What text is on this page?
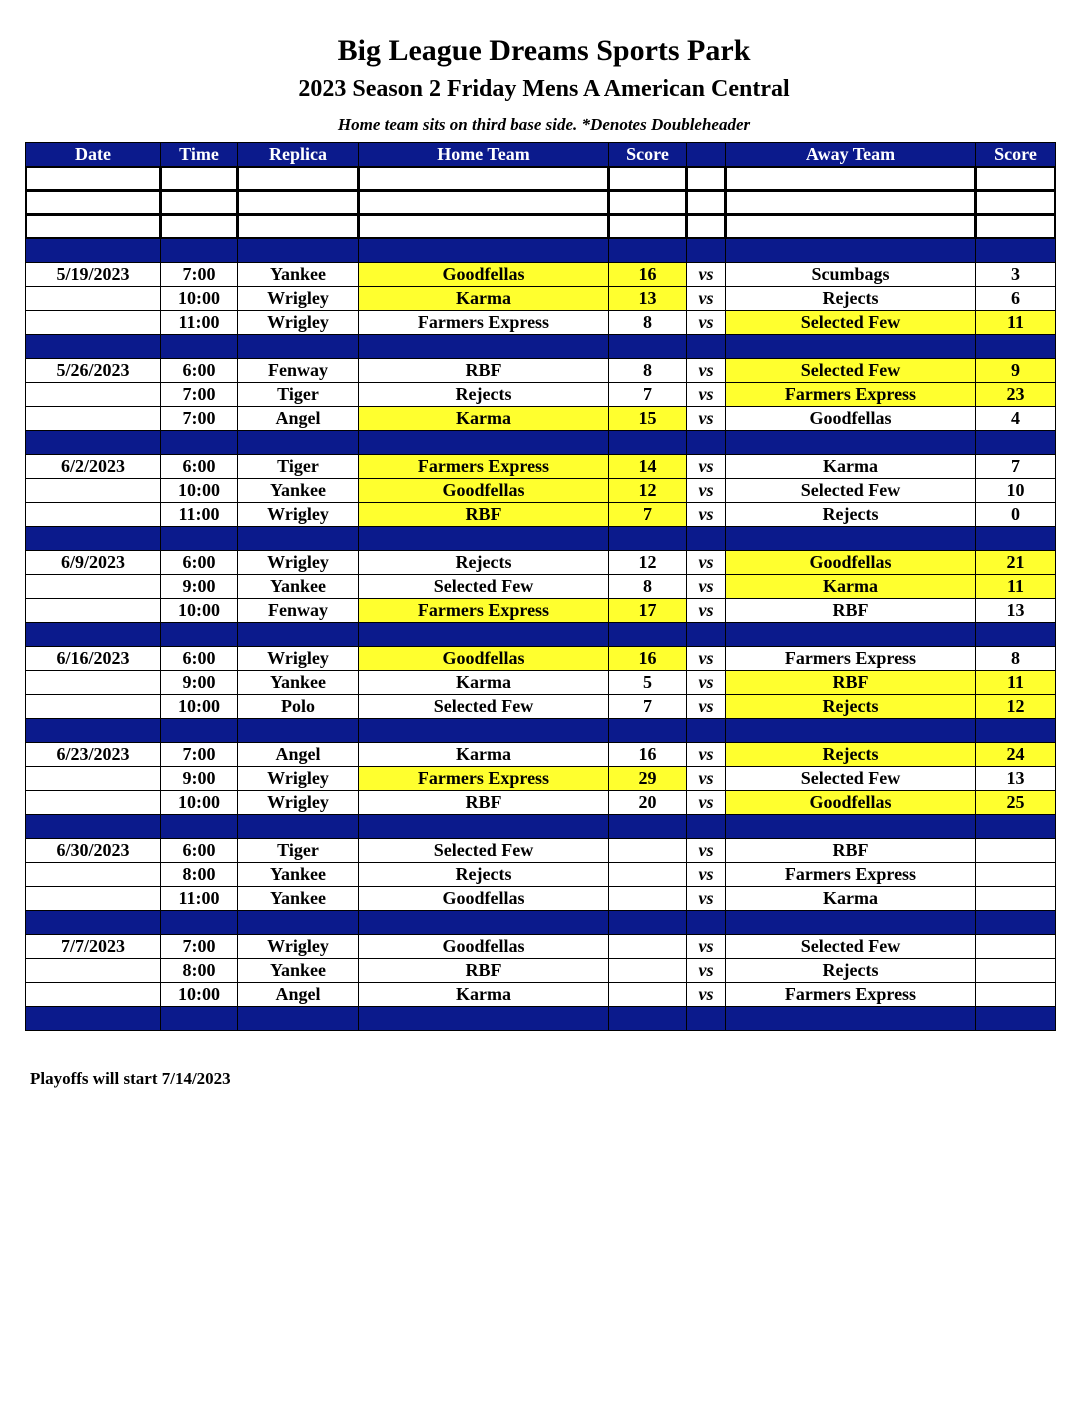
Big League Dreams Sports Park
2023 Season 2 Friday Mens A American Central
Home team sits on third base side. *Denotes Doubleheader
Date	Time	Replica	Home Team	Score		Away Team	Score

5/19/2023	7:00	Yankee	Goodfellas	16	vs	Scumbags	3
	10:00	Wrigley	Karma	13	vs	Rejects	6
	11:00	Wrigley	Farmers Express	8	vs	Selected Few	11

5/26/2023	6:00	Fenway	RBF	8	vs	Selected Few	9
	7:00	Tiger	Rejects	7	vs	Farmers Express	23
	7:00	Angel	Karma	15	vs	Goodfellas	4

6/2/2023	6:00	Tiger	Farmers Express	14	vs	Karma	7
	10:00	Yankee	Goodfellas	12	vs	Selected Few	10
	11:00	Wrigley	RBF	7	vs	Rejects	0

6/9/2023	6:00	Wrigley	Rejects	12	vs	Goodfellas	21
	9:00	Yankee	Selected Few	8	vs	Karma	11
	10:00	Fenway	Farmers Express	17	vs	RBF	13

6/16/2023	6:00	Wrigley	Goodfellas	16	vs	Farmers Express	8
	9:00	Yankee	Karma	5	vs	RBF	11
	10:00	Polo	Selected Few	7	vs	Rejects	12

6/23/2023	7:00	Angel	Karma	16	vs	Rejects	24
	9:00	Wrigley	Farmers Express	29	vs	Selected Few	13
	10:00	Wrigley	RBF	20	vs	Goodfellas	25

6/30/2023	6:00	Tiger	Selected Few		vs	RBF	
	8:00	Yankee	Rejects		vs	Farmers Express	
	11:00	Yankee	Goodfellas		vs	Karma	

7/7/2023	7:00	Wrigley	Goodfellas		vs	Selected Few	
	8:00	Yankee	RBF		vs	Rejects	
	10:00	Angel	Karma		vs	Farmers Express	

Playoffs will start 7/14/2023
